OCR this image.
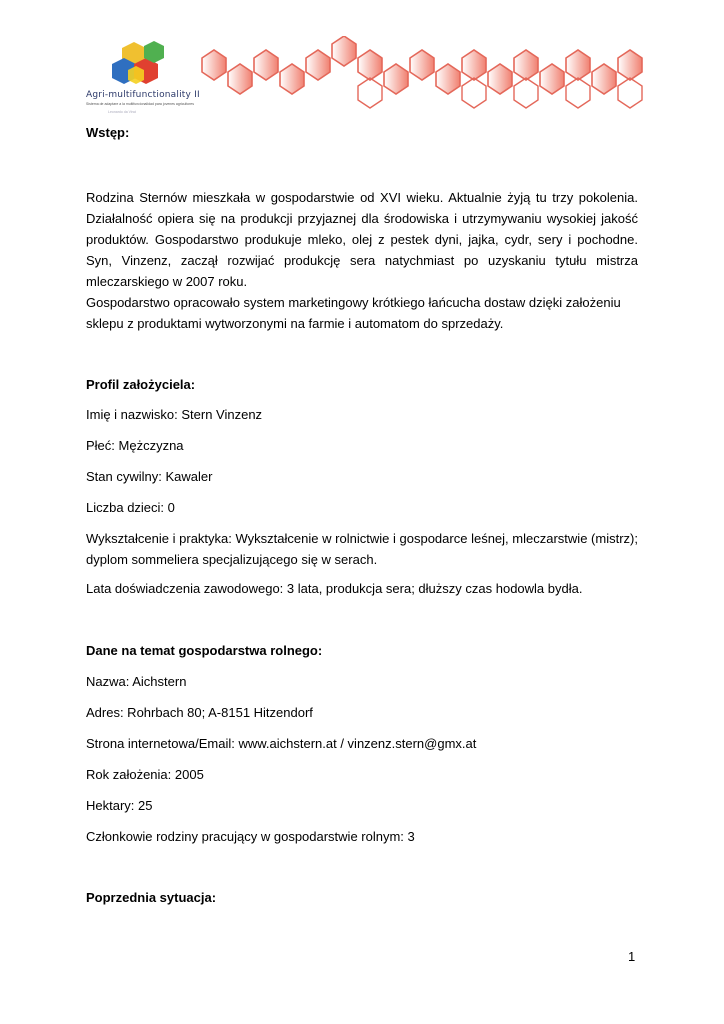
Agri-multifunctionality II
Sistema de adaptare a la multifuncionalidad para jovenes agricultores
Leonardo da Vinci

Wstęp:

Rodzina Sternów mieszkała w gospodarstwie od XVI wieku. Aktualnie żyją tu trzy pokolenia. Działalność opiera się na produkcji przyjaznej dla środowiska i utrzymywaniu wysokiej jakość produktów. Gospodarstwo produkuje mleko, olej z pestek dyni, jajka, cydr, sery i pochodne. Syn, Vinzenz, zaczął rozwijać produkcję sera natychmiast po uzyskaniu tytułu mistrza mleczarskiego w 2007 roku.

Gospodarstwo opracowało system marketingowy krótkiego łańcucha dostaw dzięki założeniu sklepu z produktami wytworzonymi na farmie i automatom do sprzedaży.

Profil założyciela:

Imię i nazwisko: Stern Vinzenz

Płeć: Mężczyzna

Stan cywilny: Kawaler

Liczba dzieci: 0

Wykształcenie i praktyka: Wykształcenie w rolnictwie i gospodarce leśnej, mleczarstwie (mistrz); dyplom sommeliera specjalizującego się w serach.

Lata doświadczenia zawodowego: 3 lata, produkcja sera; dłuższy czas hodowla bydła.

Dane na temat gospodarstwa rolnego:

Nazwa: Aichstern

Adres: Rohrbach 80; A-8151 Hitzendorf

Strona internetowa/Email: www.aichstern.at / vinzenz.stern@gmx.at

Rok założenia: 2005

Hektary: 25

Członkowie rodziny pracujący w gospodarstwie rolnym: 3

Poprzednia sytuacja:

1
